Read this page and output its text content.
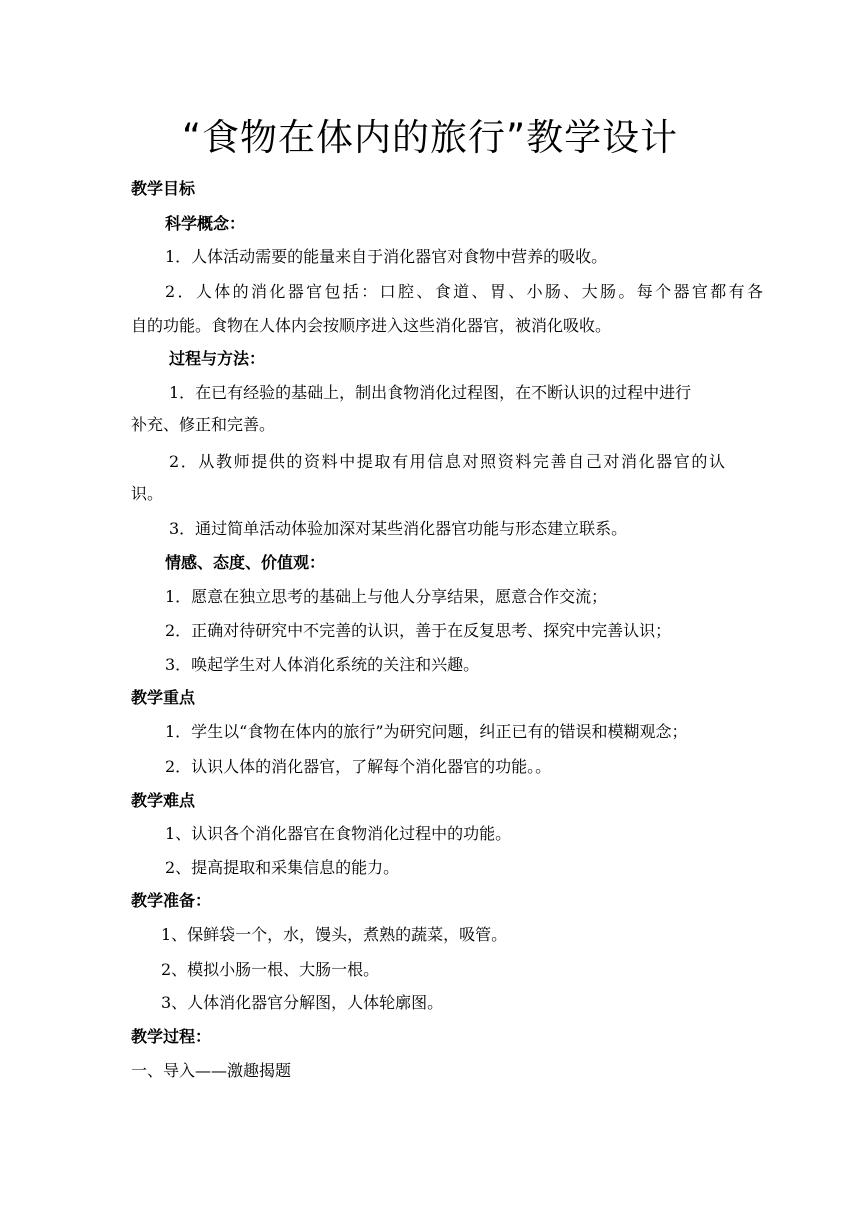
“食物在体内的旅行”教学设计

教学目标

科学概念：

1．人体活动需要的能量来自于消化器官对食物中营养的吸收。

2．人体的消化器官包括：口腔、食道、胃、小肠、大肠。每个器官都有各

自的功能。食物在人体内会按顺序进入这些消化器官，被消化吸收。

过程与方法：

1．在已有经验的基础上，制出食物消化过程图，在不断认识的过程中进行

补充、修正和完善。

2．从教师提供的资料中提取有用信息对照资料完善自己对消化器官的认

识。

3．通过简单活动体验加深对某些消化器官功能与形态建立联系。

情感、态度、价值观：

1．愿意在独立思考的基础上与他人分享结果，愿意合作交流；

2．正确对待研究中不完善的认识，善于在反复思考、探究中完善认识；

3．唤起学生对人体消化系统的关注和兴趣。

教学重点

1．学生以“食物在体内的旅行”为研究问题，纠正已有的错误和模糊观念；

2．认识人体的消化器官，了解每个消化器官的功能。。

教学难点

1、认识各个消化器官在食物消化过程中的功能。

2、提高提取和采集信息的能力。

教学准备：

1、保鲜袋一个，水，馒头，煮熟的蔬菜，吸管。

2、模拟小肠一根、大肠一根。

3、人体消化器官分解图，人体轮廓图。

教学过程：

一、导入——激趣揭题
